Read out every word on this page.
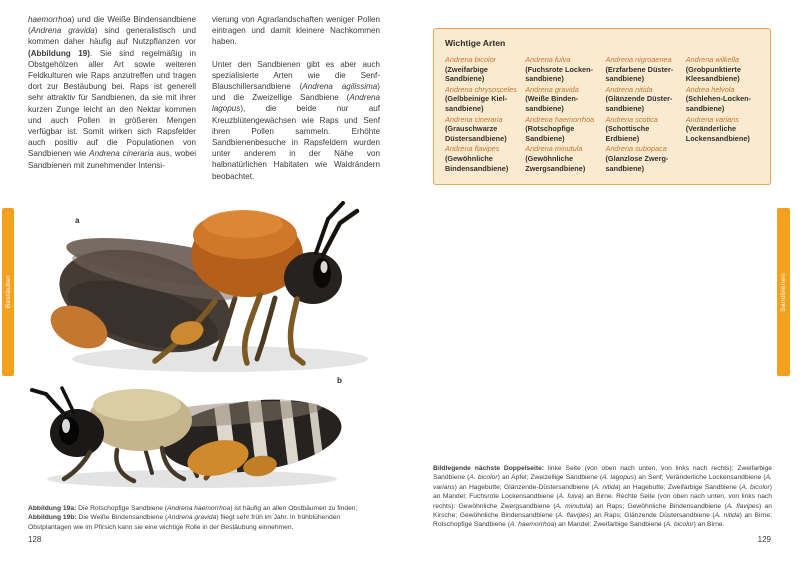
Bestäuber	Sandbienen

haemorrhoa) und die Weiße Bindensandbiene (Andrena gravida) sind generalistisch und kommen daher häufig auf Nutzpflanzen vor (Abbildung 19). Sie sind regelmäßig in Obstgehölzen aller Art sowie weiteren Feldkulturen wie Raps anzutreffen und tragen dort zur Bestäubung bei. Raps ist generell sehr attraktiv für Sandbienen, da sie mit ihrer kurzen Zunge leicht an den Nektar kommen und auch Pollen in größeren Mengen verfügbar ist. Somit wirken sich Rapsfelder auch positiv auf die Populationen von Sandbienen wie Andrena cineraria aus, wobei Sandbienen mit zunehmender Intensi-

vierung von Agrarlandschaften weniger Pollen eintragen und damit kleinere Nachkommen haben.

Unter den Sandbienen gibt es aber auch spezialisierte Arten wie die Senf-Blauschillersandbiene (Andrena agilissima) und die Zweizellige Sandbiene (Andrena lagopus), die beide nur auf Kreuzblütengewächsen wie Raps und Senf ihren Pollen sammeln. Erhöhte Sandbienenbesuche in Rapsfeldern wurden unter anderem in der Nähe von halbnatürlichen Habitaten wie Waldrändern beobachtet.

a
b
Abbildung 19a: Die Rotschopfige Sandbiene (Andrena haemorrhoa) ist häufig an allen Obstbäumen zu finden; Abbildung 19b: Die Weiße Bindensandbiene (Andrena gravida) fliegt sehr früh im Jahr. In frühblühenden Obstplantagen wie im Pfirsich kann sie eine wichtige Rolle in der Bestäubung einnehmen.
128
Wichtige Arten
Andrena bicolor
(Zweifarbige Sandbiene)
Andrena chrysosceles
(Gelbbeinige Kiel-sandbiene)
Andrena cineraria
(Grauschwarze Düstersandbiene)
Andrena flavipes
(Gewöhnliche Bindensandbiene)
Andrena fulva
(Fuchsrote Locken-sandbiene)
Andrena gravida
(Weiße Binden-sandbiene)
Andrena haemorrhoa
(Rotschopfige Sandbiene)
Andrena minutula
(Gewöhnliche Zwergsandbiene)
Andrena nigroaenea
(Erzfarbene Düster-sandbiene)
Andrena nitida
(Glänzende Düster-sandbiene)
Andrena scotica
(Schottische Erdbiene)
Andrena subopaca
(Glanzlose Zwerg-sandbiene)
Andrena wilkella
(Grobpunktierte Kleesandbiene)
Andrea helvola
(Schlehen-Locken-sandbiene)
Andrena varians
(Veränderliche Lockensandbiene)
Bildlegende nächste Doppelseite: linke Seite (von oben nach unten, von links nach rechts): Zweifarbige Sandbiene (A. bicolor) an Apfel; Zweizellige Sandbiene (A. lagopus) an Senf; Veränderliche Lockensandbiene (A. varians) an Hagebutte; Glänzende-Düstersandbiene (A. nitida) an Hagebutte; Zweifarbige Sandbiene (A. bicolor) an Mandel; Fuchsrote Lockensandbiene (A. fulva) an Birne. Rechte Seite (von oben nach unten, von links nach rechts): Gewöhnliche Zwergsandbiene (A. minutula) an Raps; Gewöhnliche Bindensandbiene (A. flavipes) an Kirsche; Gewöhnliche Bindensandbiene (A. flavipes) an Raps; Glänzende Düstersandbiene (A. nitida) an Birne; Rotschopfige Sandbiene (A. haemorrhoa) an Mandel; Zweifarbige Sandbiene (A. bicolor) an Birne.
129
